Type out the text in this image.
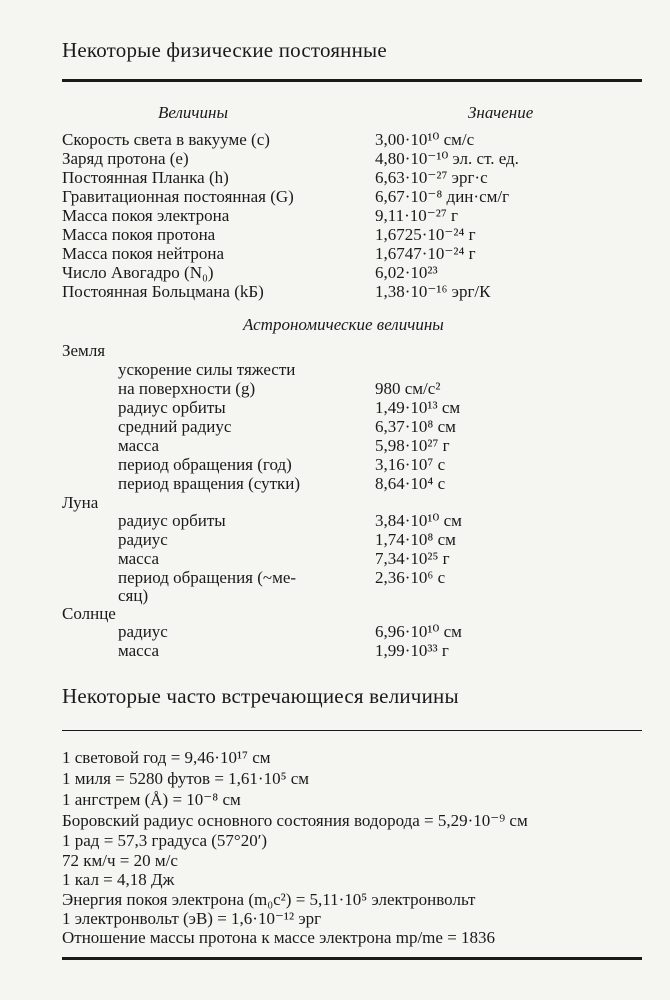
Некоторые физические постоянные
Величины	Значение
Скорость света в вакууме (c)	3,00·10¹⁰ см/с
Заряд протона (e)	4,80·10⁻¹⁰ эл. ст. ед.
Постоянная Планка (h)	6,63·10⁻²⁷ эрг·с
Гравитационная постоянная (G)	6,67·10⁻⁸ дин·см/г
Масса покоя электрона	9,11·10⁻²⁷ г
Масса покоя протона	1,6725·10⁻²⁴ г
Масса покоя нейтрона	1,6747·10⁻²⁴ г
Число Авогадро (N₀)	6,02·10²³
Постоянная Больцмана (kБ)	1,38·10⁻¹⁶ эрг/К
Астрономические величины
Земля
ускорение силы тяжести
на поверхности (g)	980 см/с²
радиус орбиты	1,49·10¹³ см
средний радиус	6,37·10⁸ см
масса	5,98·10²⁷ г
период обращения (год)	3,16·10⁷ с
период вращения (сутки)	8,64·10⁴ с
Луна
радиус орбиты	3,84·10¹⁰ см
радиус	1,74·10⁸ см
масса	7,34·10²⁵ г
период обращения (~ме-	2,36·10⁶ с
сяц)
Солнце
радиус	6,96·10¹⁰ см
масса	1,99·10³³ г
Некоторые часто встречающиеся величины
1 световой год = 9,46·10¹⁷ см
1 миля = 5280 футов = 1,61·10⁵ см
1 ангстрем (Å) = 10⁻⁸ см
Боровский радиус основного состояния водорода = 5,29·10⁻⁹ см
1 рад = 57,3 градуса (57°20′)
72 км/ч = 20 м/с
1 кал = 4,18 Дж
Энергия покоя электрона (m₀c²) = 5,11·10⁵ электронвольт
1 электронвольт (эВ) = 1,6·10⁻¹² эрг
Отношение массы протона к массе электрона mp/me = 1836
